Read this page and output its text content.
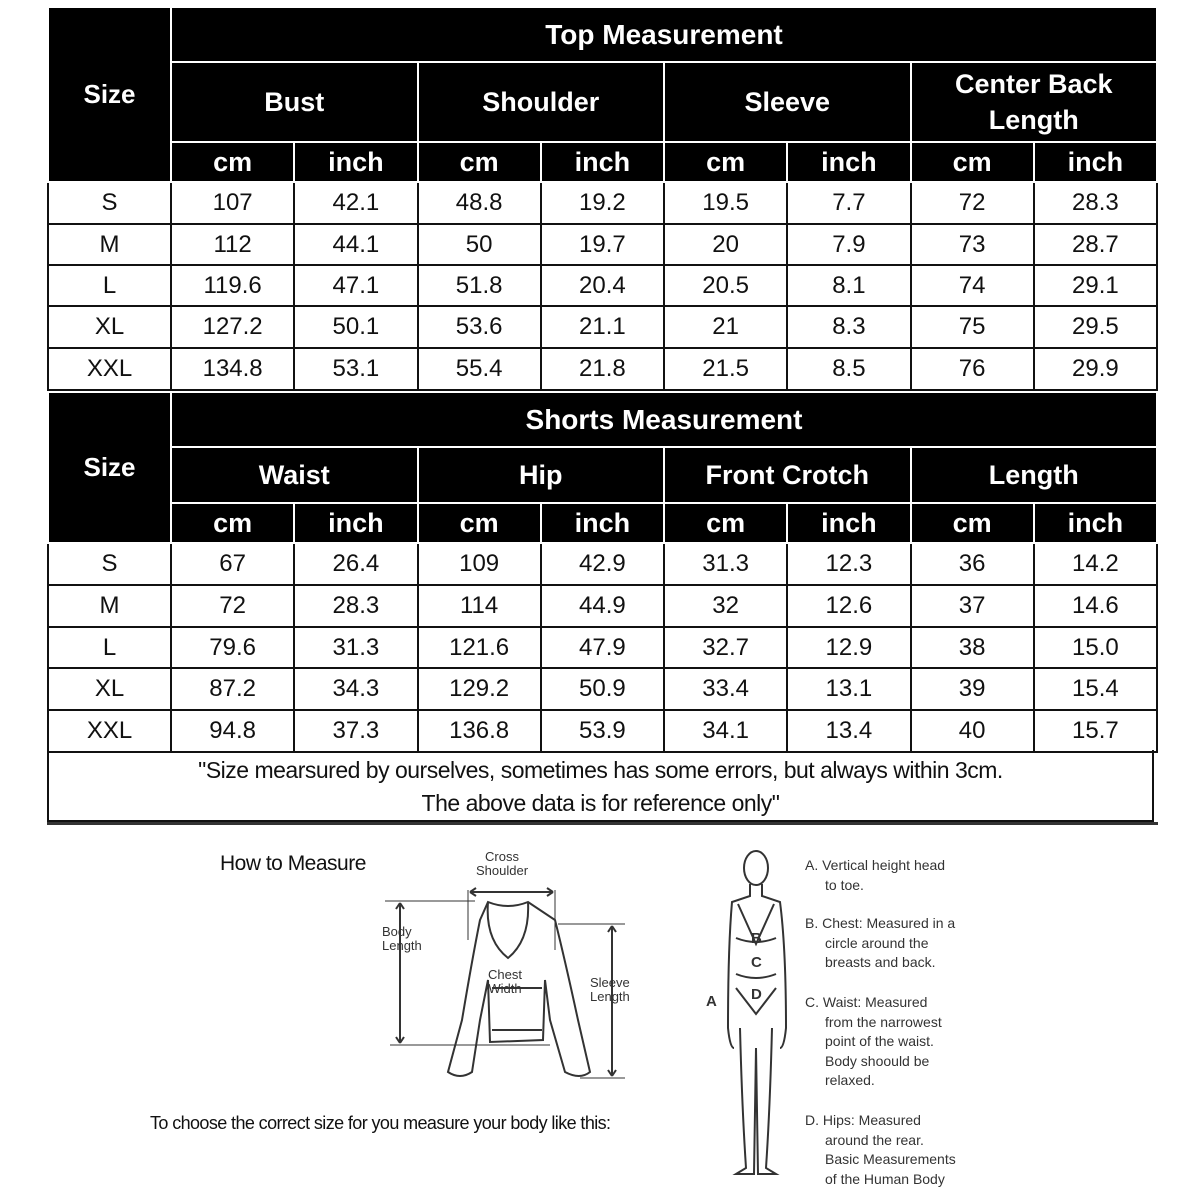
Size	Top Measurement							
	Bust		Shoulder		Sleeve		Center Back
Length	

	cm	inch	cm	inch	cm	inch	cm	inch
S	107	42.1	48.8	19.2	19.5	7.7	72	28.3
M	112	44.1	50	19.7	20	7.9	73	28.7
L	119.6	47.1	51.8	20.4	20.5	8.1	74	29.1
XL	127.2	50.1	53.6	21.1	21	8.3	75	29.5
XXL	134.8	53.1	55.4	21.8	21.5	8.5	76	29.9
Size	Shorts Measurement							
	Waist		Hip		Front Crotch		Length	
	cm	inch	cm	inch	cm	inch	cm	inch
S	67	26.4	109	42.9	31.3	12.3	36	14.2
M	72	28.3	114	44.9	32	12.6	37	14.6
L	79.6	31.3	121.6	47.9	32.7	12.9	38	15.0
XL	87.2	34.3	129.2	50.9	33.4	13.1	39	15.4
XXL	94.8	37.3	136.8	53.9	34.1	13.4	40	15.7
"Size mearsured by ourselves, sometimes has some errors, but always within 3cm.
The above data is for reference only"
How to Measure
To choose the correct size for you measure your body like this:
Cross
Shoulder
Body
Length
Chest
Width	Sleeve
Length
B
C
D
A
A. Vertical height head
to toe.
B. Chest: Measured in a
circle around the
breasts and back.
C. Waist: Measured
from the narrowest
point of the waist.
Body shoould be
relaxed.
D. Hips: Measured
around the rear.
Basic Measurements
of the Human Body
